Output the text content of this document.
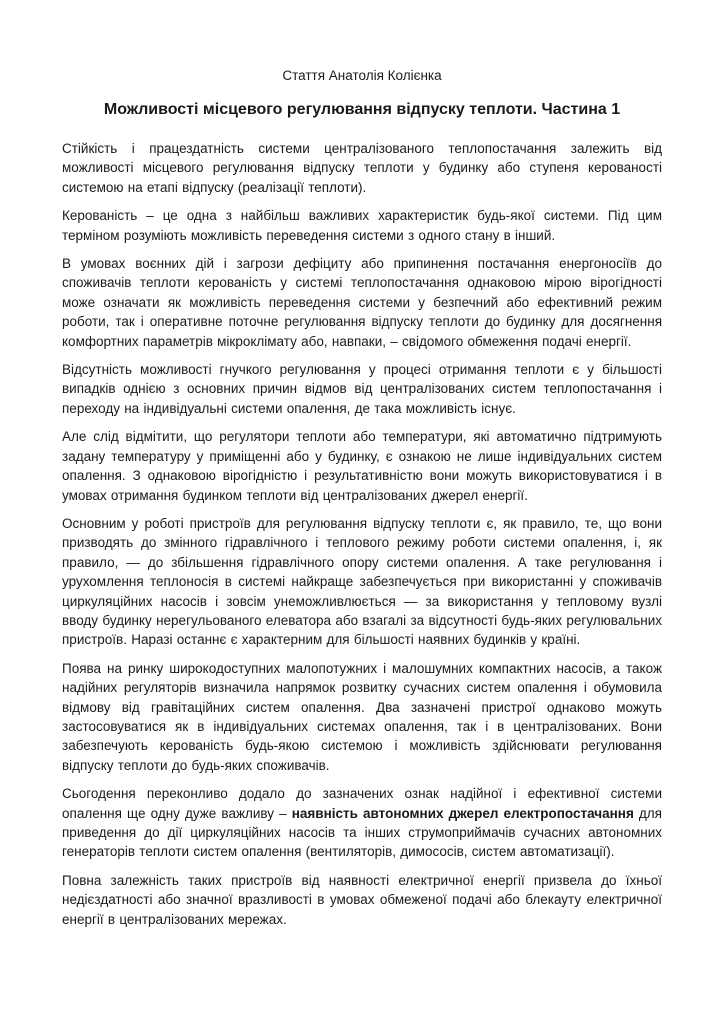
Стаття Анатолія Колієнка
Можливості місцевого регулювання відпуску теплоти. Частина 1

Стійкість і працездатність системи централізованого теплопостачання залежить від можливості місцевого регулювання відпуску теплоти у будинку або ступеня керованості системою на етапі відпуску (реалізації теплоти).

Керованість – це одна з найбільш важливих характеристик будь-якої системи. Під цим терміном розуміють можливість переведення системи з одного стану в інший.

В умовах воєнних дій і загрози дефіциту або припинення постачання енергоносіїв до споживачів теплоти керованість у системі теплопостачання однаковою мірою вірогідності може означати як можливість переведення системи у безпечний або ефективний режим роботи, так і оперативне поточне регулювання відпуску теплоти до будинку для досягнення комфортних параметрів мікроклімату або, навпаки, – свідомого обмеження подачі енергії.

Відсутність можливості гнучкого регулювання у процесі отримання теплоти є у більшості випадків однією з основних причин відмов від централізованих систем теплопостачання і переходу на індивідуальні системи опалення, де така можливість існує.

Але слід відмітити, що регулятори теплоти або температури, які автоматично підтримують задану температуру у приміщенні або у будинку, є ознакою не лише індивідуальних систем опалення. З однаковою вірогідністю і результативністю вони можуть використовуватися і в умовах отримання будинком теплоти від централізованих джерел енергії.

Основним у роботі пристроїв для регулювання відпуску теплоти є, як правило, те, що вони призводять до змінного гідравлічного і теплового режиму роботи системи опалення, і, як правило, — до збільшення гідравлічного опору системи опалення. А таке регулювання і урухомлення теплоносія в системі найкраще забезпечується при використанні у споживачів циркуляційних насосів і зовсім унеможливлюється — за використання у тепловому вузлі вводу будинку нерегульованого елеватора або взагалі за відсутності будь-яких регулювальних пристроїв. Наразі останнє є характерним для більшості наявних будинків у країні.

Поява на ринку широкодоступних малопотужних і малошумних компактних насосів, а також надійних регуляторів визначила напрямок розвитку сучасних систем опалення і обумовила відмову від гравітаційних систем опалення. Два зазначені пристрої однаково можуть застосовуватися як в індивідуальних системах опалення, так і в централізованих. Вони забезпечують керованість будь-якою системою і можливість здійснювати регулювання відпуску теплоти до будь-яких споживачів.

Сьогодення переконливо додало до зазначених ознак надійної і ефективної системи опалення ще одну дуже важливу – наявність автономних джерел електропостачання для приведення до дії циркуляційних насосів та інших струмоприймачів сучасних автономних генераторів теплоти систем опалення (вентиляторів, димососів, систем автоматизації).

Повна залежність таких пристроїв від наявності електричної енергії призвела до їхньої недієздатності або значної вразливості в умовах обмеженої подачі або блекауту електричної енергії в централізованих мережах.
